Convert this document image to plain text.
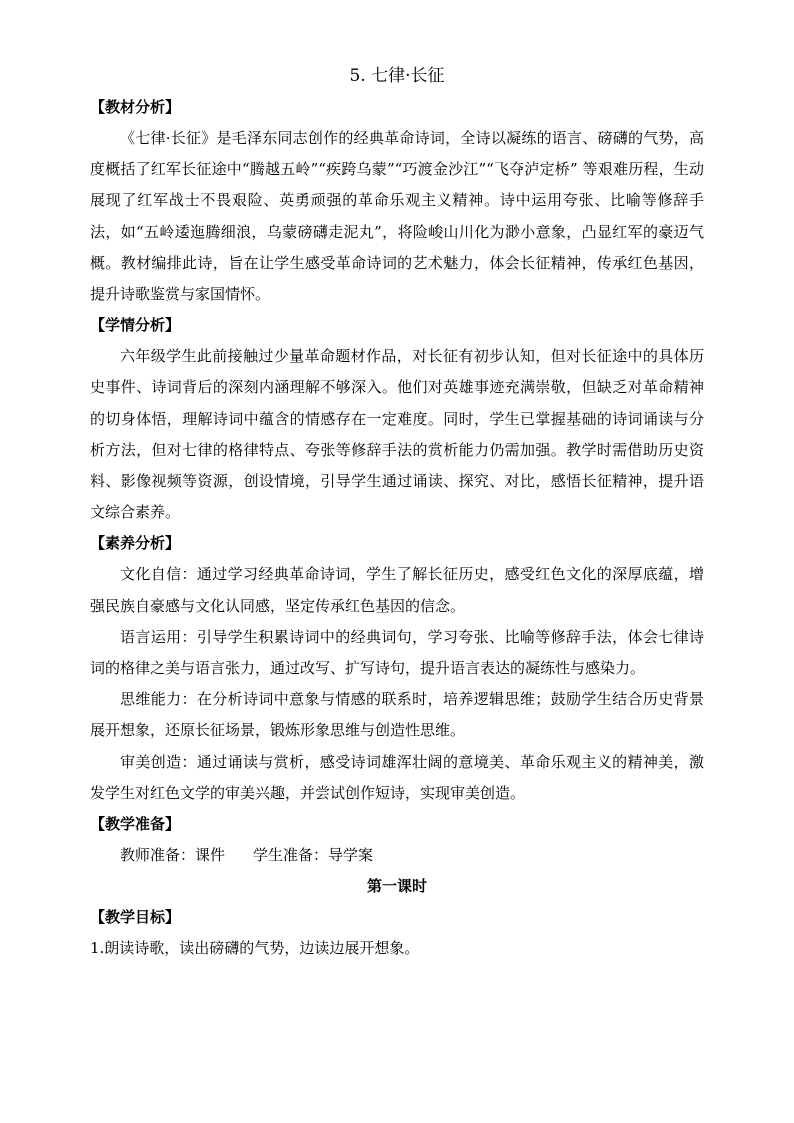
5. 七律·长征

【教材分析】

《七律·长征》是毛泽东同志创作的经典革命诗词，全诗以凝练的语言、磅礴的气势，高度概括了红军长征途中“腾越五岭”“疾跨乌蒙”“巧渡金沙江”“飞夺泸定桥” 等艰难历程，生动展现了红军战士不畏艰险、英勇顽强的革命乐观主义精神。诗中运用夸张、比喻等修辞手法，如“五岭逶迤腾细浪，乌蒙磅礴走泥丸”，将险峻山川化为渺小意象，凸显红军的豪迈气概。教材编排此诗，旨在让学生感受革命诗词的艺术魅力，体会长征精神，传承红色基因，提升诗歌鉴赏与家国情怀。

【学情分析】

六年级学生此前接触过少量革命题材作品，对长征有初步认知，但对长征途中的具体历史事件、诗词背后的深刻内涵理解不够深入。他们对英雄事迹充满崇敬，但缺乏对革命精神的切身体悟，理解诗词中蕴含的情感存在一定难度。同时，学生已掌握基础的诗词诵读与分析方法，但对七律的格律特点、夸张等修辞手法的赏析能力仍需加强。教学时需借助历史资料、影像视频等资源，创设情境，引导学生通过诵读、探究、对比，感悟长征精神，提升语文综合素养。

【素养分析】

文化自信：通过学习经典革命诗词，学生了解长征历史，感受红色文化的深厚底蕴，增强民族自豪感与文化认同感，坚定传承红色基因的信念。

语言运用：引导学生积累诗词中的经典词句，学习夸张、比喻等修辞手法，体会七律诗词的格律之美与语言张力，通过改写、扩写诗句，提升语言表达的凝练性与感染力。

思维能力：在分析诗词中意象与情感的联系时，培养逻辑思维；鼓励学生结合历史背景展开想象，还原长征场景，锻炼形象思维与创造性思维。

审美创造：通过诵读与赏析，感受诗词雄浑壮阔的意境美、革命乐观主义的精神美，激发学生对红色文学的审美兴趣，并尝试创作短诗，实现审美创造。

【教学准备】

教师准备：课件 学生准备：导学案

第一课时

【教学目标】

1.朗读诗歌，读出磅礴的气势，边读边展开想象。
